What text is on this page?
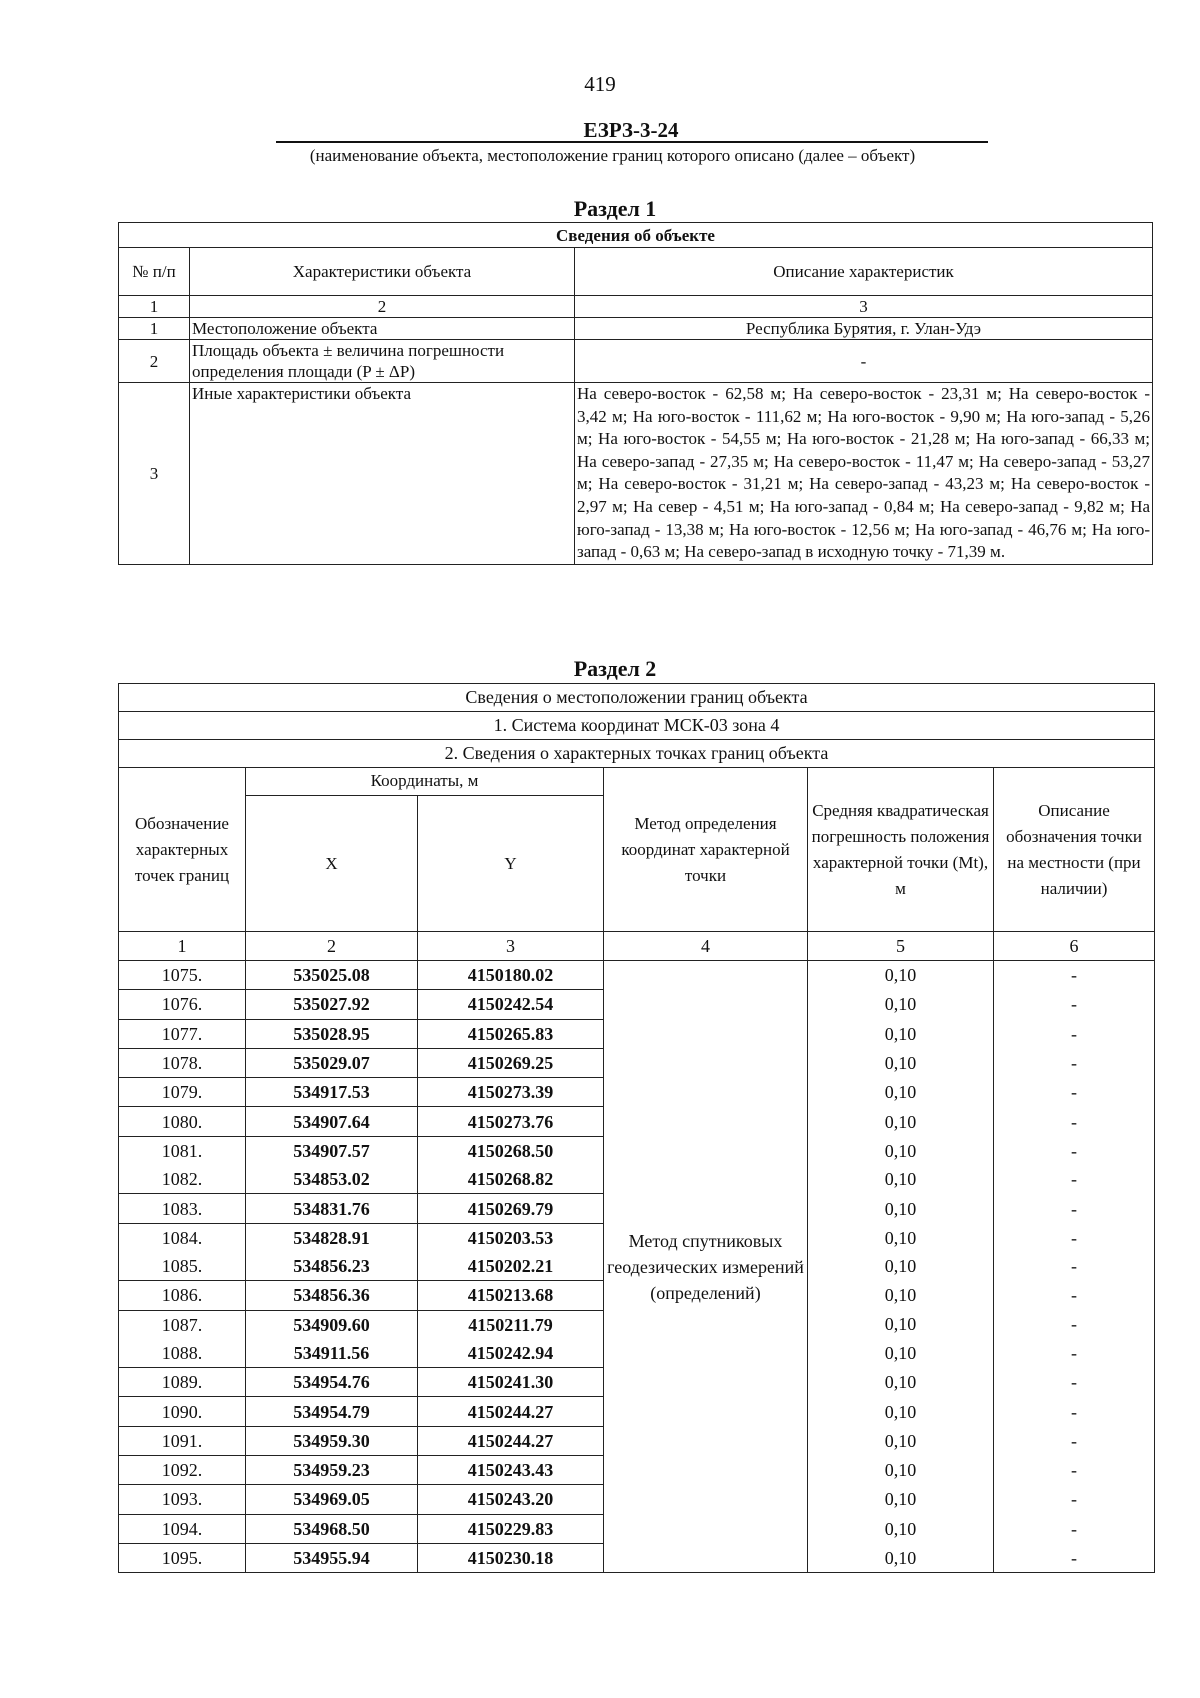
419
ЕЗРЗ-3-24
(наименование объекта, местоположение границ которого описано (далее – объект)
Раздел 1
Сведения об объекте		
№ п/п	Характеристики объекта	Описание характеристик
1	2	3
1	Местоположение объекта	Республика Бурятия, г. Улан-Удэ
2	Площадь объекта ± величина погрешности определения площади (P ± ΔP)	-
3	Иные характеристики объекта	На северо-восток - 62,58 м; На северо-восток - 23,31 м; На северо-восток - 3,42 м; На юго-восток - 111,62 м; На юго-восток - 9,90 м; На юго-запад - 5,26 м; На юго-восток - 54,55 м; На юго-восток - 21,28 м; На юго-запад - 66,33 м; На северо-запад - 27,35 м; На северо-восток - 11,47 м; На северо-запад - 53,27 м; На северо-восток - 31,21 м; На северо-запад - 43,23 м; На северо-восток - 2,97 м; На север - 4,51 м; На юго-запад - 0,84 м; На северо-запад - 9,82 м; На юго-запад - 13,38 м; На юго-восток - 12,56 м; На юго-запад - 46,76 м; На юго-запад - 0,63 м; На северо-запад в исходную точку - 71,39 м.
Раздел 2
Сведения о местоположении границ объекта					
1. Система координат МСК-03 зона 4					
2. Сведения о характерных точках границ объекта					
Обозначение характерных точек границ	Координаты, м		Метод определения координат характерной точки	Средняя квадратическая погрешность положения характерной точки (Mt), м	Описание обозначения точки на местности (при наличии)
	X	Y			
1	2	3	4	5	6
1075.	535025.08	4150180.02	Метод спутниковых геодезических измерений (определений)	0,10	-
1076.	535027.92	4150242.54		0,10	-
1077.	535028.95	4150265.83		0,10	-
1078.	535029.07	4150269.25		0,10	-
1079.	534917.53	4150273.39		0,10	-
1080.	534907.64	4150273.76		0,10	-
1081.	534907.57	4150268.50		0,10	-
1082.	534853.02	4150268.82		0,10	-
1083.	534831.76	4150269.79		0,10	-
1084.	534828.91	4150203.53		0,10	-
1085.	534856.23	4150202.21		0,10	-
1086.	534856.36	4150213.68		0,10	-
1087.	534909.60	4150211.79		0,10	-
1088.	534911.56	4150242.94		0,10	-
1089.	534954.76	4150241.30		0,10	-
1090.	534954.79	4150244.27		0,10	-
1091.	534959.30	4150244.27		0,10	-
1092.	534959.23	4150243.43		0,10	-
1093.	534969.05	4150243.20		0,10	-
1094.	534968.50	4150229.83		0,10	-
1095.	534955.94	4150230.18		0,10	-
